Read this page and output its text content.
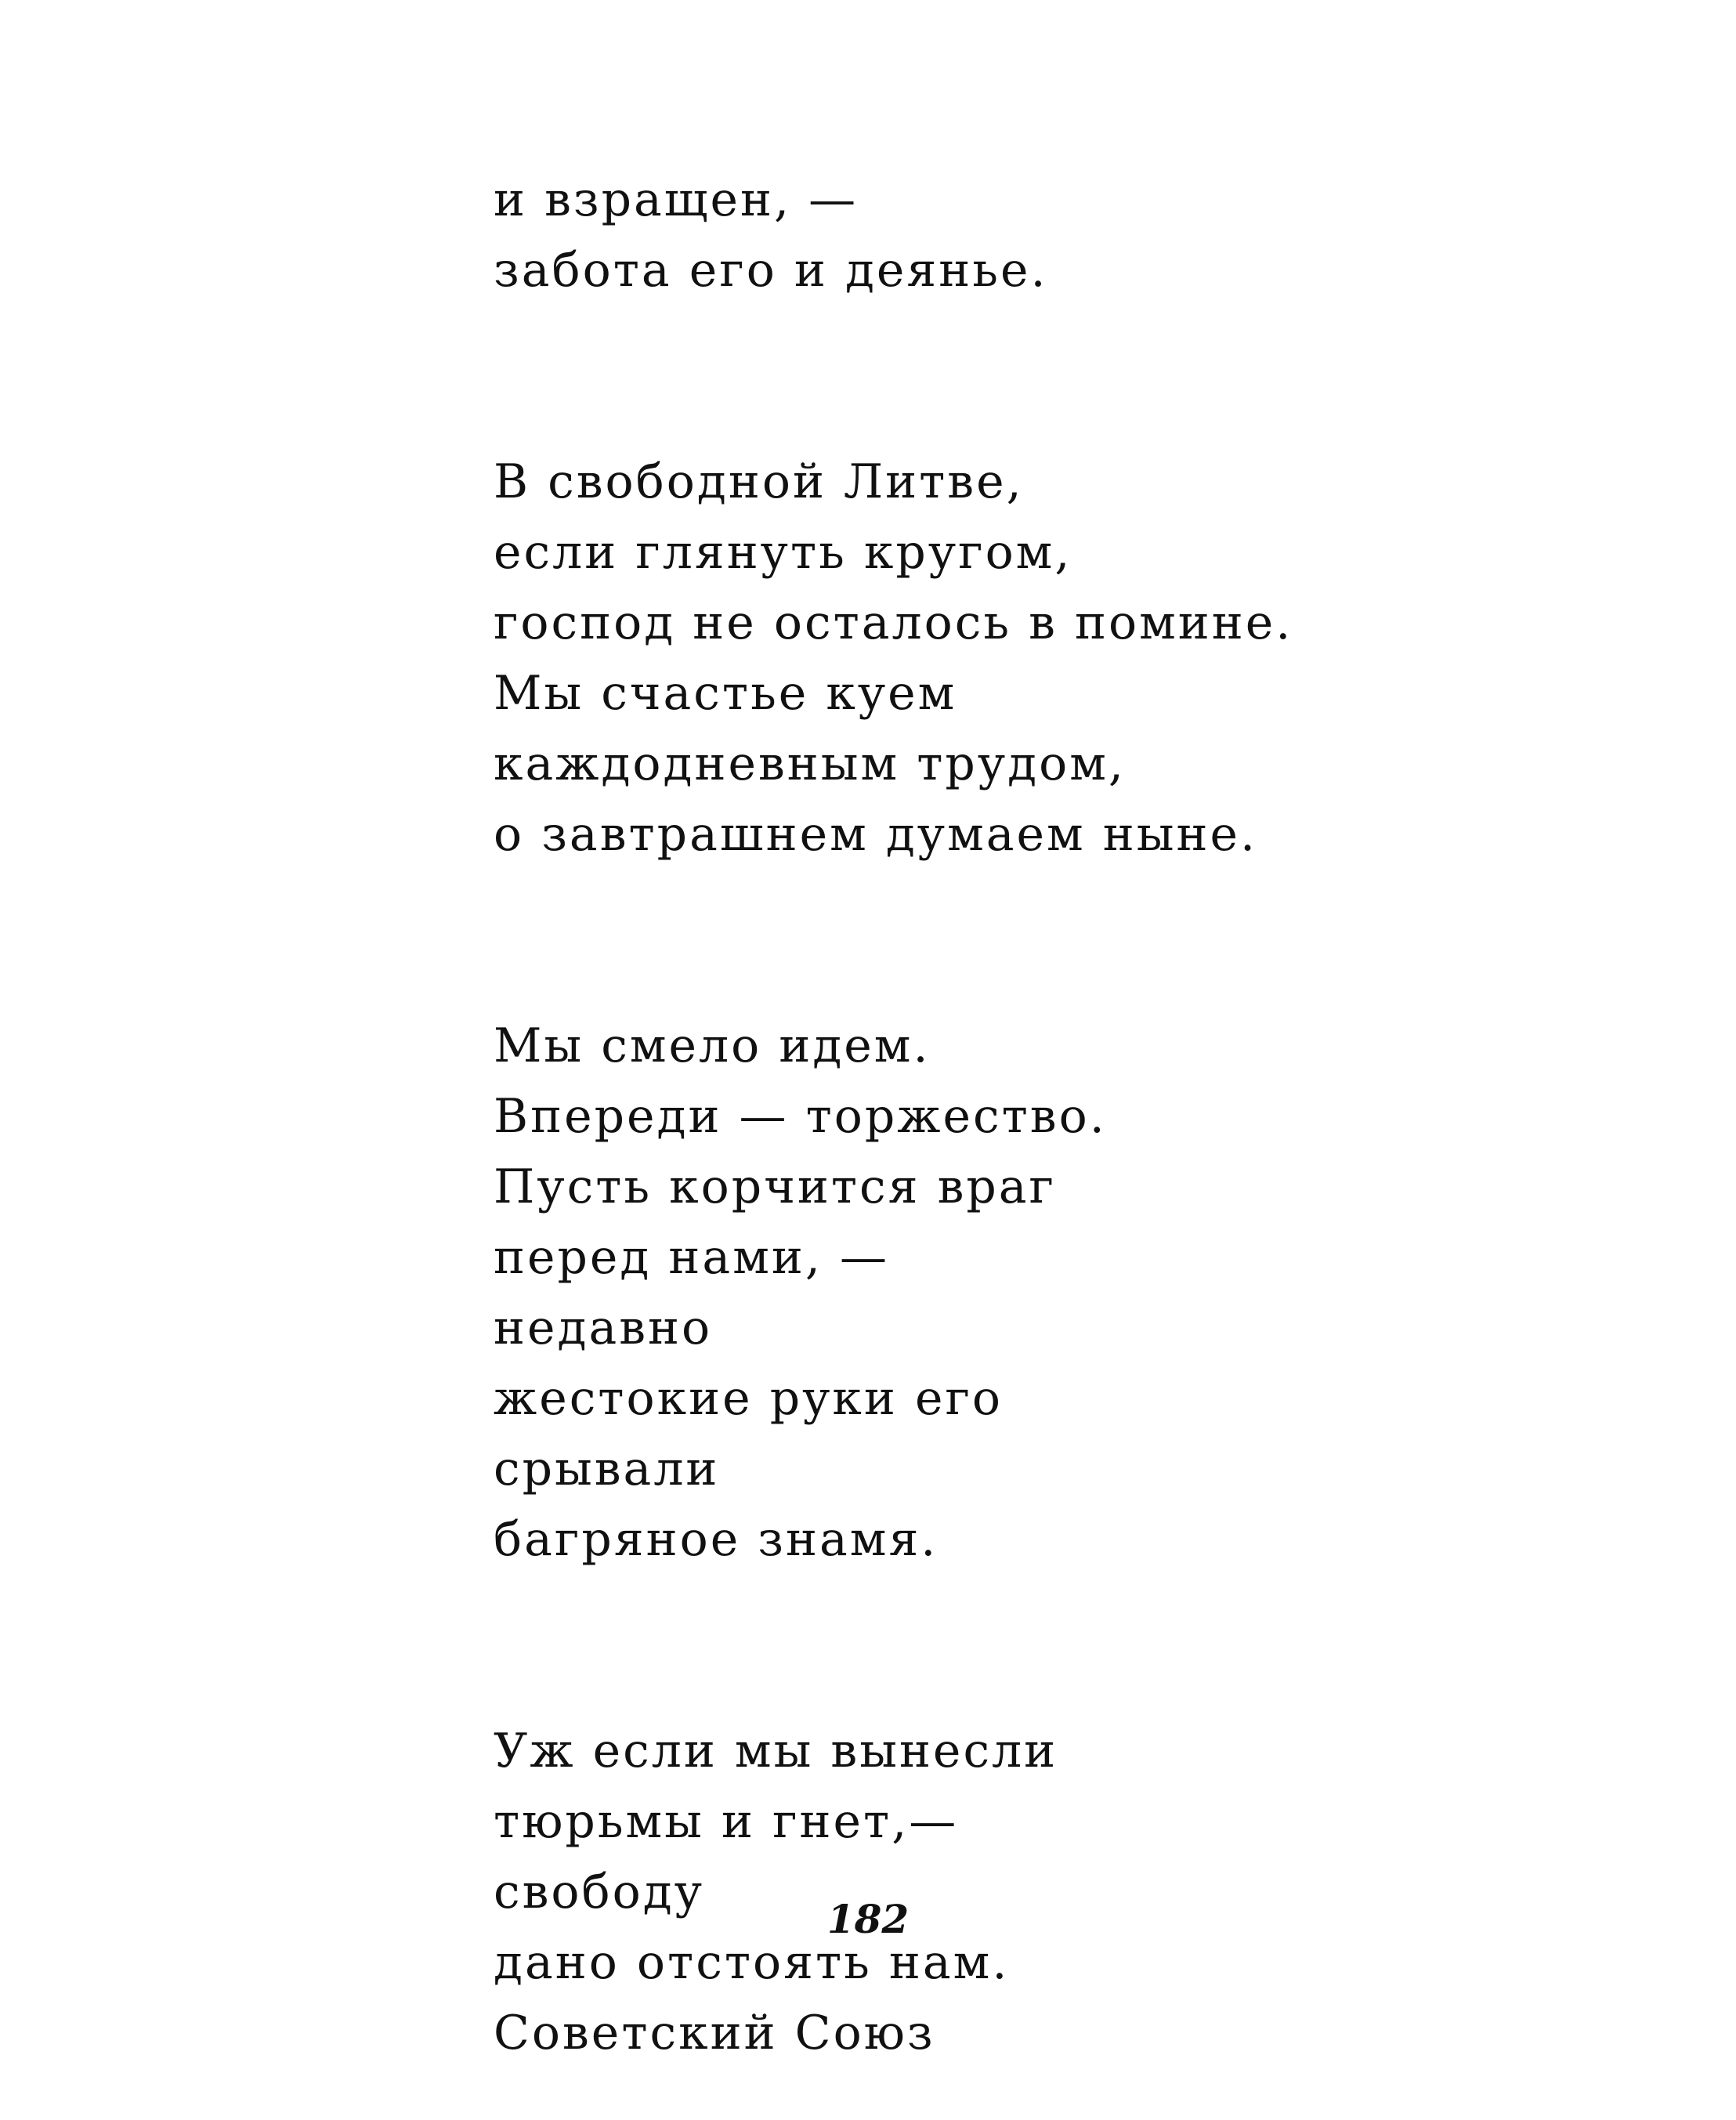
и взращен, —
забота его и деянье.
В свободной Литве,
если глянуть кругом,
господ не осталось в помине.
Мы счастье куем
каждодневным трудом,
о завтрашнем думаем ныне.
Мы смело идем.
Впереди — торжество.
Пусть корчится враг
перед нами, —
недавно
жестокие руки его
срывали
багряное знамя.
Уж если мы вынесли
тюрьмы и гнет,—
свободу
дано отстоять нам.
Советский Союз
182
